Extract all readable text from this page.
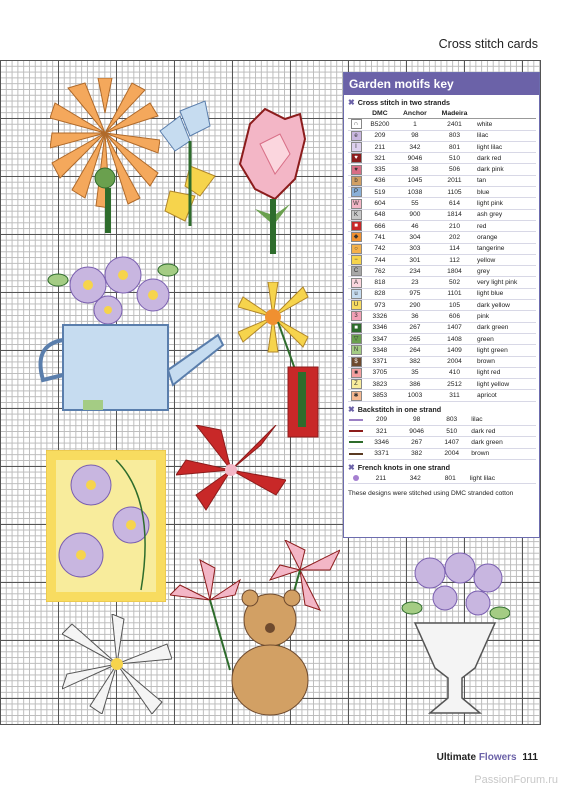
Cross stitch cards
Garden motifs key
✖ Cross stitch in two strands
	DMC	Anchor	Madeira	
∩	B5200	1	2401	white
e	209	98	803	lilac
I	211	342	801	light lilac
♥	321	9046	510	dark red
♥	335	38	506	dark pink
b	436	1045	2011	tan
P	519	1038	1105	blue
W	604	55	614	light pink
K	648	900	1814	ash grey
■	666	46	210	red
◆	741	304	202	orange
○	742	303	114	tangerine
−	744	301	112	yellow
C	762	234	1804	grey
A	818	23	502	very light pink
u	828	975	1101	light blue
U	973	290	105	dark yellow
3	3326	36	606	pink
■	3346	267	1407	dark green
▽	3347	265	1408	green
N	3348	264	1409	light green
$	3371	382	2004	brown
■	3705	35	410	light red
Z	3823	386	2512	light yellow
✱	3853	1003	311	apricot
✖ Backstitch in one strand
	209	98	803	lilac
	321	9046	510	dark red
	3346	267	1407	dark green
	3371	382	2004	brown
✖ French knots in one strand
	211	342	801	light lilac
These designs were stitched using DMC stranded cotton
Ultimate Flowers 111
PassionForum.ru
